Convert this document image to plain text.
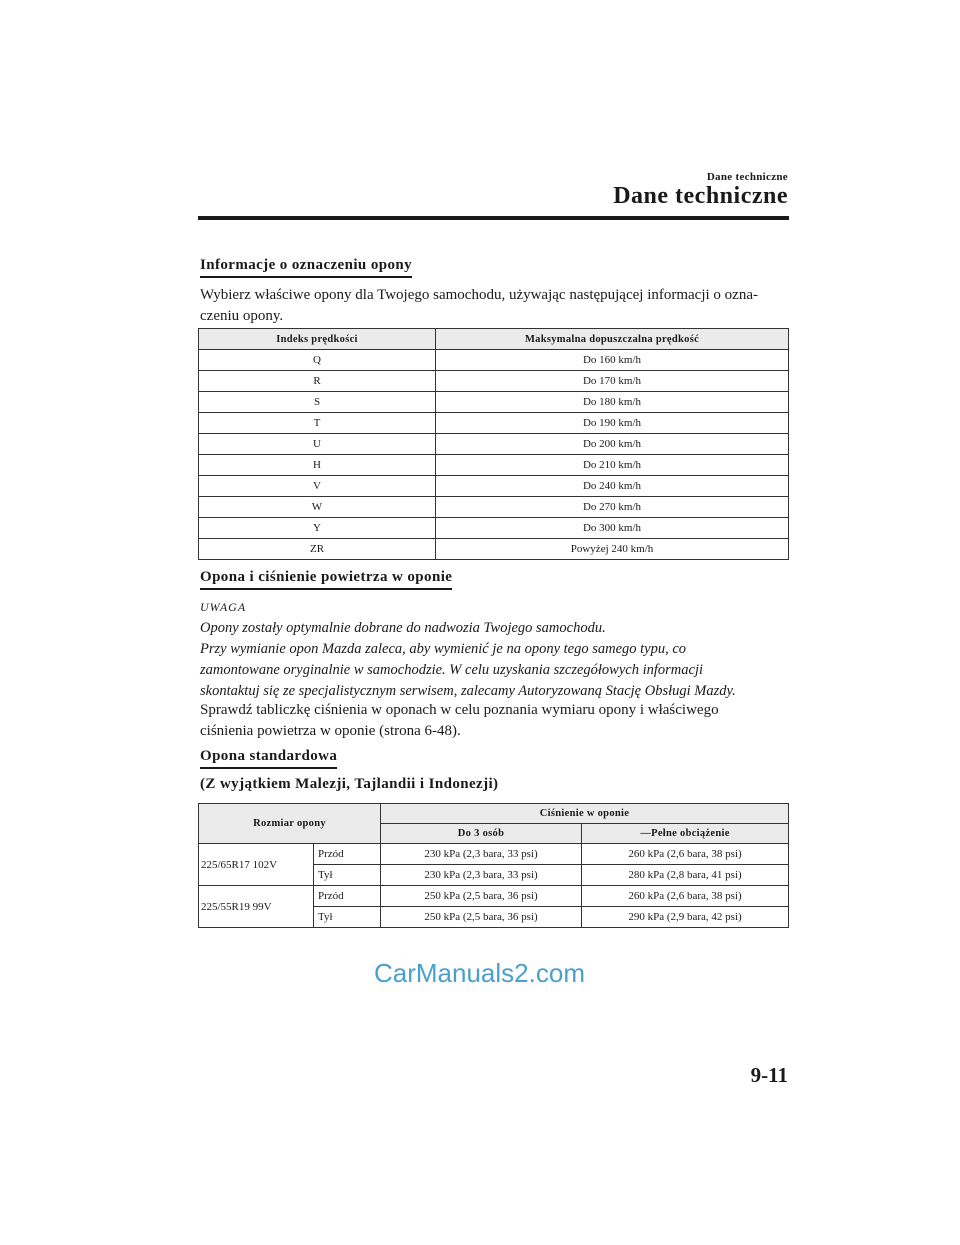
Dane techniczne
Dane techniczne
Informacje o oznaczeniu opony
Wybierz właściwe opony dla Twojego samochodu, używając następującej informacji o ozna-czeniu opony.
Indeks prędkości	Maksymalna dopuszczalna prędkość
Q	Do 160 km/h
R	Do 170 km/h
S	Do 180 km/h
T	Do 190 km/h
U	Do 200 km/h
H	Do 210 km/h
V	Do 240 km/h
W	Do 270 km/h
Y	Do 300 km/h
ZR	Powyżej 240 km/h
Opona i ciśnienie powietrza w oponie
UWAGA
Opony zostały optymalnie dobrane do nadwozia Twojego samochodu.
Przy wymianie opon Mazda zaleca, aby wymienić je na opony tego samego typu, co
zamontowane oryginalnie w samochodzie. W celu uzyskania szczegółowych informacji
skontaktuj się ze specjalistycznym serwisem, zalecamy Autoryzowaną Stację Obsługi Mazdy.
Sprawdź tabliczkę ciśnienia w oponach w celu poznania wymiaru opony i właściwego
ciśnienia powietrza w oponie (strona 6-48).
Opona standardowa
(Z wyjątkiem Malezji, Tajlandii i Indonezji)
Rozmiar opony		Ciśnienie w oponie	
		Do 3 osób	—Pełne obciążenie
225/65R17 102V	Przód	230 kPa (2,3 bara, 33 psi)	260 kPa (2,6 bara, 38 psi)
	Tył	230 kPa (2,3 bara, 33 psi)	280 kPa (2,8 bara, 41 psi)
225/55R19 99V	Przód	250 kPa (2,5 bara, 36 psi)	260 kPa (2,6 bara, 38 psi)
	Tył	250 kPa (2,5 bara, 36 psi)	290 kPa (2,9 bara, 42 psi)
CarManuals2.com
9-11
